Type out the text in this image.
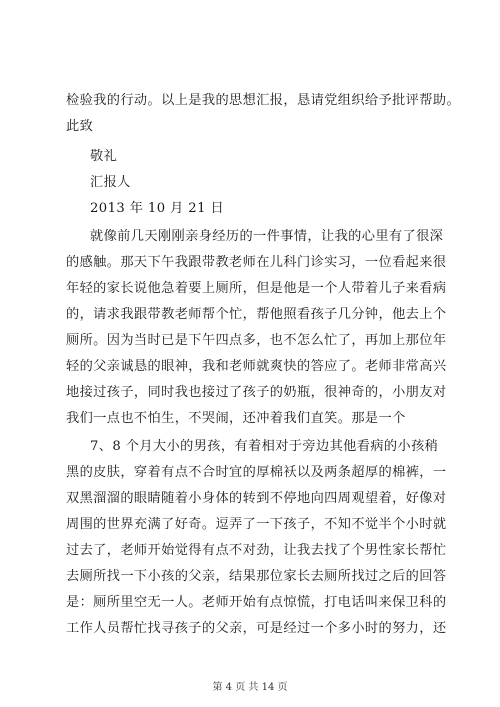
检验我的行动。以上是我的思想汇报，恳请党组织给予批评帮助。
此致
敬礼
汇报人
2013 年 10 月 21 日
就像前几天刚刚亲身经历的一件事情，让我的心里有了很深
的感触。那天下午我跟带教老师在儿科门诊实习，一位看起来很
年轻的家长说他急着要上厕所，但是他是一个人带着儿子来看病
的，请求我跟带教老师帮个忙，帮他照看孩子几分钟，他去上个
厕所。因为当时已是下午四点多，也不怎么忙了，再加上那位年
轻的父亲诚恳的眼神，我和老师就爽快的答应了。老师非常高兴
地接过孩子，同时我也接过了孩子的奶瓶，很神奇的，小朋友对
我们一点也不怕生，不哭闹，还冲着我们直笑。那是一个
7、8 个月大小的男孩，有着相对于旁边其他看病的小孩稍
黑的皮肤，穿着有点不合时宜的厚棉袄以及两条超厚的棉裤，一
双黑溜溜的眼睛随着小身体的转到不停地向四周观望着，好像对
周围的世界充满了好奇。逗弄了一下孩子，不知不觉半个小时就
过去了，老师开始觉得有点不对劲，让我去找了个男性家长帮忙
去厕所找一下小孩的父亲，结果那位家长去厕所找过之后的回答
是：厕所里空无一人。老师开始有点惊慌，打电话叫来保卫科的
工作人员帮忙找寻孩子的父亲，可是经过一个多小时的努力，还
第 4 页 共 14 页
